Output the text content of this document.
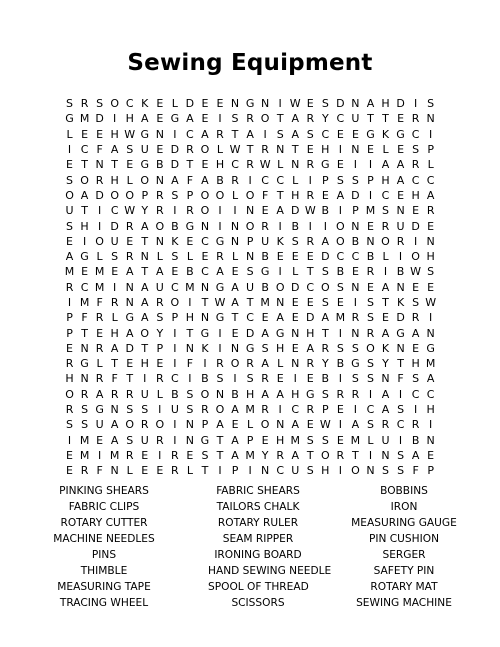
Sewing Equipment
S R S O C K E L D E E N G N I W E S D N A H D I S
G M D I H A E G A E I S R O T A R Y C U T T E R N
L E E H W G N I C A R T A I S A S C E E G K G C I
I C F A S U E D R O L W T R N T E H I N E L E S P
E T N T E G B D T E H C R W L N R G E I	I A A R L
S O R H L O N A F A B R I C C L I P S S P H A C C
O A D O O P R S P O O L O F T H R E A D I C E H A
U T I C W Y R I R O I	I N E A D W B I P M S N E R
S H I D R A O B G N I N O R I B I	I O N E R U D E
E I O U E T N K E C G N P U K S R A O B N O R I N
A G L S R N L S L E R L N B E E E D C C B L I O H
M E M E A T A E B C A E S G I L T S B E R I B W S
R C M I N A U C M N G A U B O D C O S N E A N E E
I M F R N A R O I T W A T M N E E S E I S T K S W
P F R L G A S P H N G T C E A E D A M R S E D R I
P T E H A O Y I T G I E D A G N H T I N R A G A N
E N R A D T P I N K I N G S H E A R S S O K N E G
R G L T E H E I F I R O R A L N R Y B G S Y T H M
H N R F T I R C I B S I S R E I E B I S S N F S A
O R A R R U L B S O N B H A A H G S R R I A I C C
R S G N S S I U S R O A M R I C R P E I C A S I H
S S U A O R O I N P A E L O N A E W I A S R C R I
I M E A S U R I N G T A P E H M S S E M L U I B N
E M I M R E I R E S T A M Y R A T O R T I N S A E
E R F N L E E R L T I P I N C U S H I O N S S F P
PINKING SHEARS	FABRIC SHEARS	BOBBINS
FABRIC CLIPS	TAILORS CHALK	IRON
ROTARY CUTTER	ROTARY RULER	MEASURING GAUGE
MACHINE NEEDLES	SEAM RIPPER	PIN CUSHION
PINS	IRONING BOARD	SERGER
THIMBLE	HAND SEWING NEEDLE	SAFETY PIN
MEASURING TAPE	SPOOL OF THREAD	ROTARY MAT
TRACING WHEEL	SCISSORS	SEWING MACHINE
